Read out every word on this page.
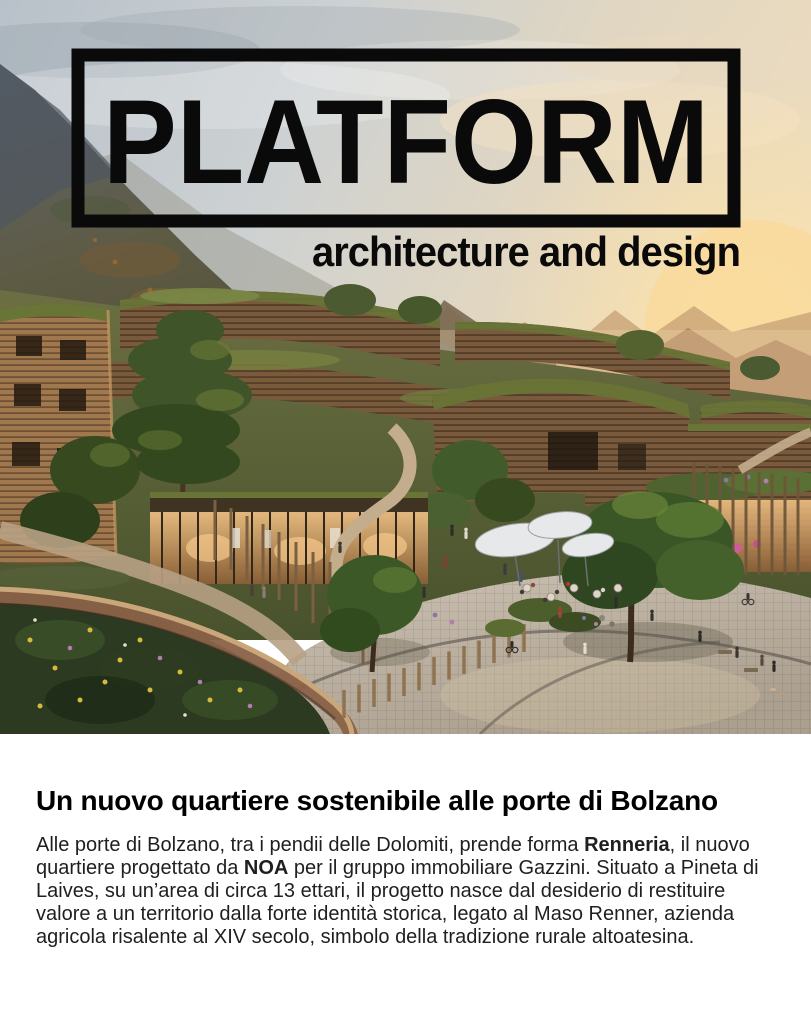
PLATFORM
architecture and design
Un nuovo quartiere sostenibile alle porte di Bolzano

Alle porte di Bolzano, tra i pendii delle Dolomiti, prende forma Renneria, il nuovo quartiere progettato da NOA per il gruppo immobiliare Gazzini. Situato a Pineta di Laives, su un’area di circa 13 ettari, il progetto nasce dal desiderio di restituire valore a un territorio dalla forte identità storica, legato al Maso Renner, azienda agricola risalente al XIV secolo, simbolo della tradizione rurale altoatesina.
